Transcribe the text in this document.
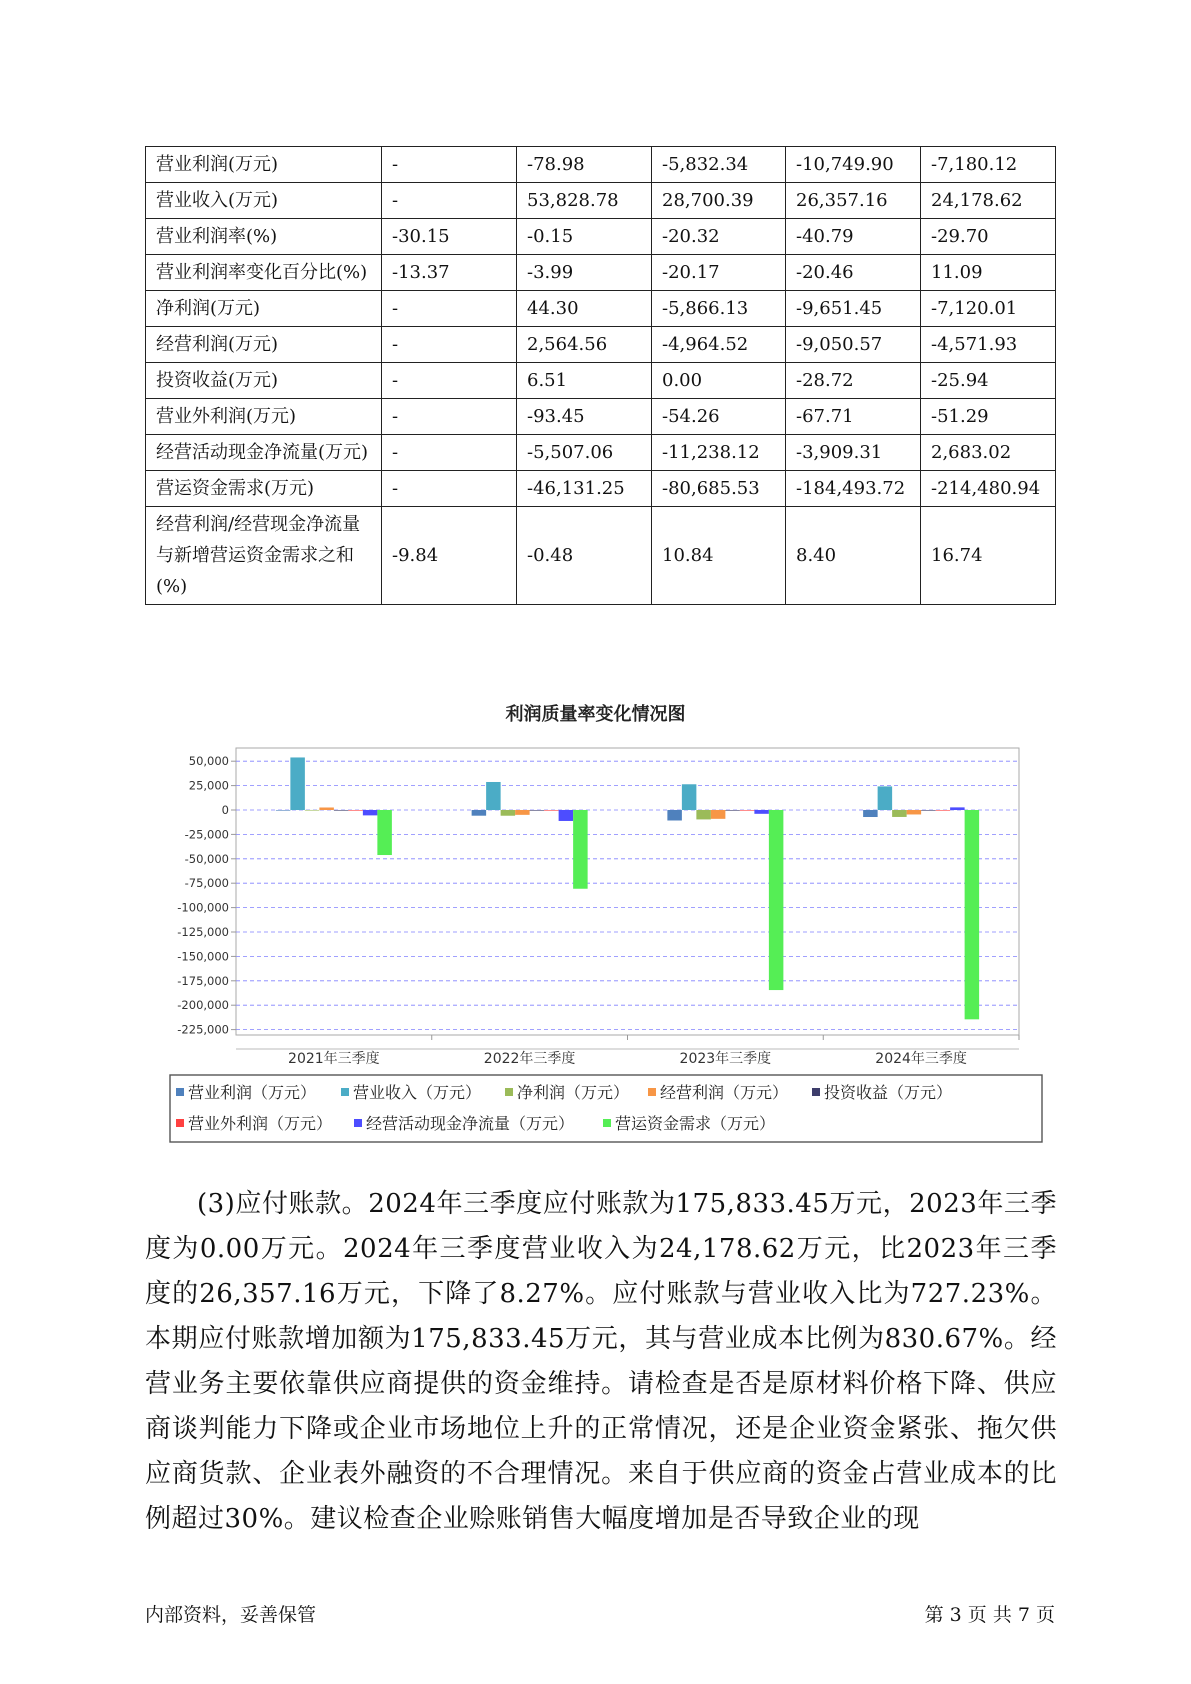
营业利润(万元)	-	-78.98	-5,832.34	-10,749.90	-7,180.12
营业收入(万元)	-	53,828.78	28,700.39	26,357.16	24,178.62
营业利润率(%)	-30.15	-0.15	-20.32	-40.79	-29.70
营业利润率变化百分比(%)	-13.37	-3.99	-20.17	-20.46	11.09
净利润(万元)	-	44.30	-5,866.13	-9,651.45	-7,120.01
经营利润(万元)	-	2,564.56	-4,964.52	-9,050.57	-4,571.93
投资收益(万元)	-	6.51	0.00	-28.72	-25.94
营业外利润(万元)	-	-93.45	-54.26	-67.71	-51.29
经营活动现金净流量(万元)	-	-5,507.06	-11,238.12	-3,909.31	2,683.02
营运资金需求(万元)	-	-46,131.25	-80,685.53	-184,493.72	-214,480.94
经营利润/经营现金净流量与新增营运资金需求之和(%)	-9.84	-0.48	10.84	8.40	16.74
利润质量率变化情况图
50,000
25,000
0
-25,000
-50,000
-75,000
-100,000
-125,000
-150,000
-175,000
-200,000
-225,000
2021年三季度	2022年三季度	2023年三季度	2024年三季度
营业利润（万元） 营业收入（万元） 净利润（万元） 经营利润（万元） 投资收益（万元）
营业外利润（万元） 经营活动现金净流量（万元）	营运资金需求（万元）

(3)应付账款。2024年三季度应付账款为175,833.45万元，2023年三季度为0.00万元。2024年三季度营业收入为24,178.62万元，比2023年三季度的26,357.16万元，下降了8.27%。应付账款与营业收入比为727.23%。本期应付账款增加额为175,833.45万元，其与营业成本比例为830.67%。经营业务主要依靠供应商提供的资金维持。请检查是否是原材料价格下降、供应商谈判能力下降或企业市场地位上升的正常情况，还是企业资金紧张、拖欠供应商货款、企业表外融资的不合理情况。来自于供应商的资金占营业成本的比例超过30%。建议检查企业赊账销售大幅度增加是否导致企业的现

内部资料，妥善保管	第 3 页 共 7 页
